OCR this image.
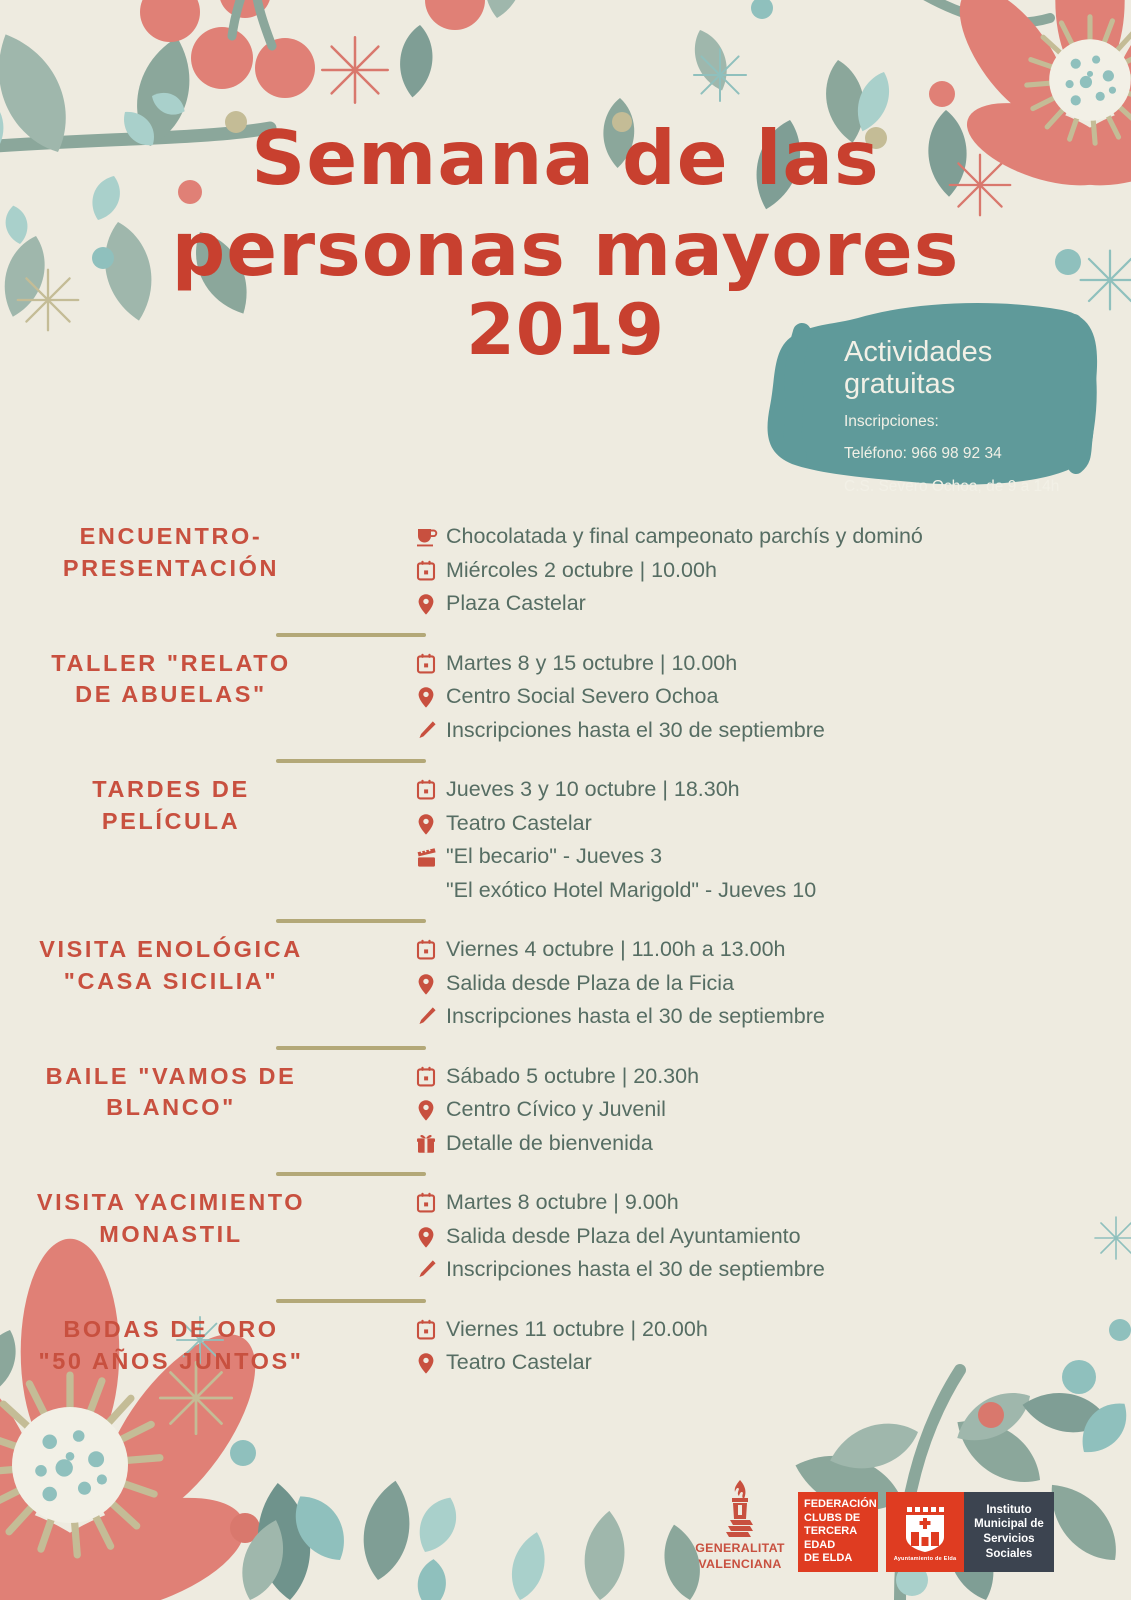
Semana de las
personas mayores
2019	Actividades
gratuitas
Inscripciones:
Teléfono: 966 98 92 34
C.S. Severo Ochoa, de 9 a 14h
ENCUENTRO-
PRESENTACIÓN
Chocolatada y final campeonato parchís y dominó
Miércoles 2 octubre | 10.00h
Plaza Castelar
TALLER "RELATO
DE ABUELAS"
Martes 8 y 15 octubre | 10.00h
Centro Social Severo Ochoa
Inscripciones hasta el 30 de septiembre
TARDES DE
PELÍCULA
Jueves 3 y 10 octubre | 18.30h
Teatro Castelar
"El becario" - Jueves 3
"El exótico Hotel Marigold" - Jueves 10
VISITA ENOLÓGICA
"CASA SICILIA"
Viernes 4 octubre | 11.00h a 13.00h
Salida desde Plaza de la Ficia
Inscripciones hasta el 30 de septiembre
BAILE "VAMOS DE
BLANCO"
Sábado 5 octubre | 20.30h
Centro Cívico y Juvenil
Detalle de bienvenida
VISITA YACIMIENTO
MONASTIL
Martes 8 octubre | 9.00h
Salida desde Plaza del Ayuntamiento
Inscripciones hasta el 30 de septiembre
BODAS DE ORO
"50 AÑOS JUNTOS"
Viernes 11 octubre | 20.00h
Teatro Castelar
GENERALITAT
VALENCIANA
FEDERACIÓN
CLUBS DE
TERCERA
EDAD
DE ELDA	Ayuntamiento de Elda
Instituto
Municipal de
Servicios
Sociales
